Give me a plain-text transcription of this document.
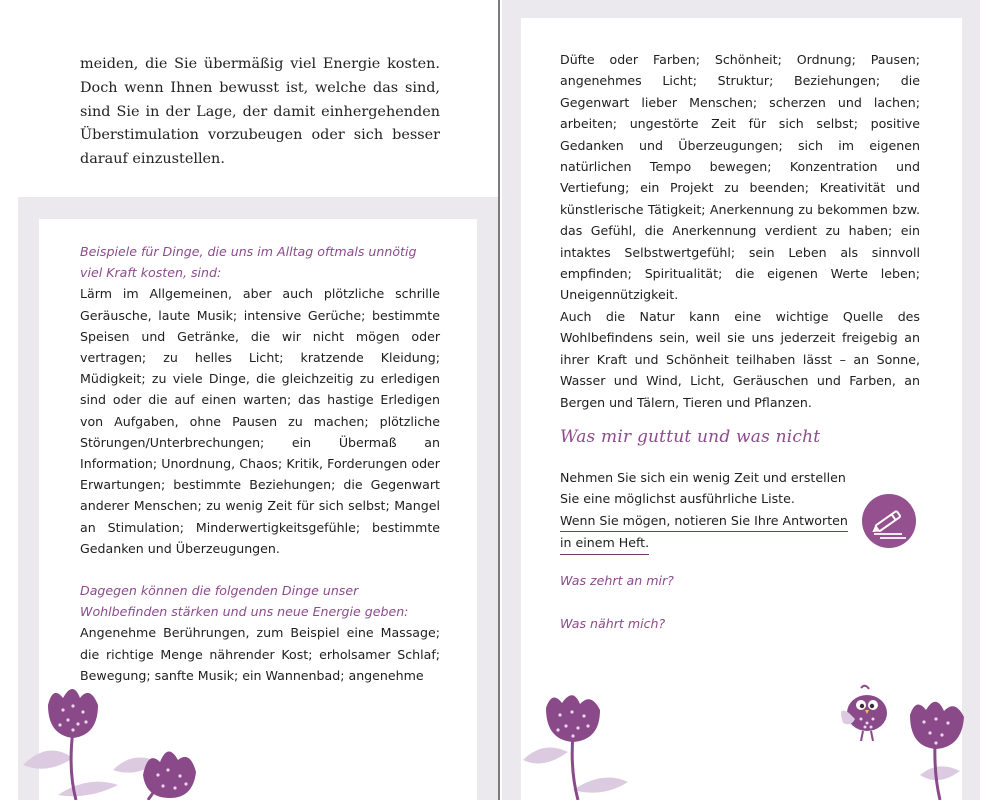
meiden, die Sie übermäßig viel Energie kosten. Doch wenn Ihnen bewusst ist, welche das sind, sind Sie in der Lage, der damit einhergehenden Überstimulation vorzubeugen oder sich besser darauf einzustellen.

Beispiele für Dinge, die uns im Alltag oftmals unnötig viel Kraft kosten, sind:

Lärm im Allgemeinen, aber auch plötzliche schrille Geräusche, laute Musik; intensive Gerüche; bestimmte Speisen und Getränke, die wir nicht mögen oder vertragen; zu helles Licht; kratzende Kleidung; Müdigkeit; zu viele Dinge, die gleichzeitig zu erledigen sind oder die auf einen warten; das hastige Erledigen von Aufgaben, ohne Pausen zu machen; plötzliche Störungen/Unterbrechungen; ein Übermaß an Information; Unordnung, Chaos; Kritik, Forderungen oder Erwartungen; bestimmte Beziehungen; die Gegenwart anderer Menschen; zu wenig Zeit für sich selbst; Mangel an Stimulation; Minderwertigkeitsgefühle; bestimmte Gedanken und Überzeugungen.

Dagegen können die folgenden Dinge unser Wohlbefinden stärken und uns neue Energie geben:

Angenehme Berührungen, zum Beispiel eine Massage; die richtige Menge nährender Kost; erholsamer Schlaf; Bewegung; sanfte Musik; ein Wannenbad; angenehme

Düfte oder Farben; Schönheit; Ordnung; Pausen; angenehmes Licht; Struktur; Beziehungen; die Gegenwart lieber Menschen; scherzen und lachen; arbeiten; ungestörte Zeit für sich selbst; positive Gedanken und Überzeugungen; sich im eigenen natürlichen Tempo bewegen; Konzentration und Vertiefung; ein Projekt zu beenden; Kreativität und künstlerische Tätigkeit; Anerkennung zu bekommen bzw. das Gefühl, die Anerkennung verdient zu haben; ein intaktes Selbstwertgefühl; sein Leben als sinnvoll empfinden; Spiritualität; die eigenen Werte leben; Uneigennützigkeit.

Auch die Natur kann eine wichtige Quelle des Wohlbefindens sein, weil sie uns jederzeit freigebig an ihrer Kraft und Schönheit teilhaben lässt – an Sonne, Wasser und Wind, Licht, Geräuschen und Farben, an Bergen und Tälern, Tieren und Pflanzen.

Was mir guttut und was nicht

Nehmen Sie sich ein wenig Zeit und erstellen Sie eine möglichst ausführliche Liste.

Wenn Sie mögen, notieren Sie Ihre Antworten

in einem Heft.

Was zehrt an mir?
Was nährt mich?
